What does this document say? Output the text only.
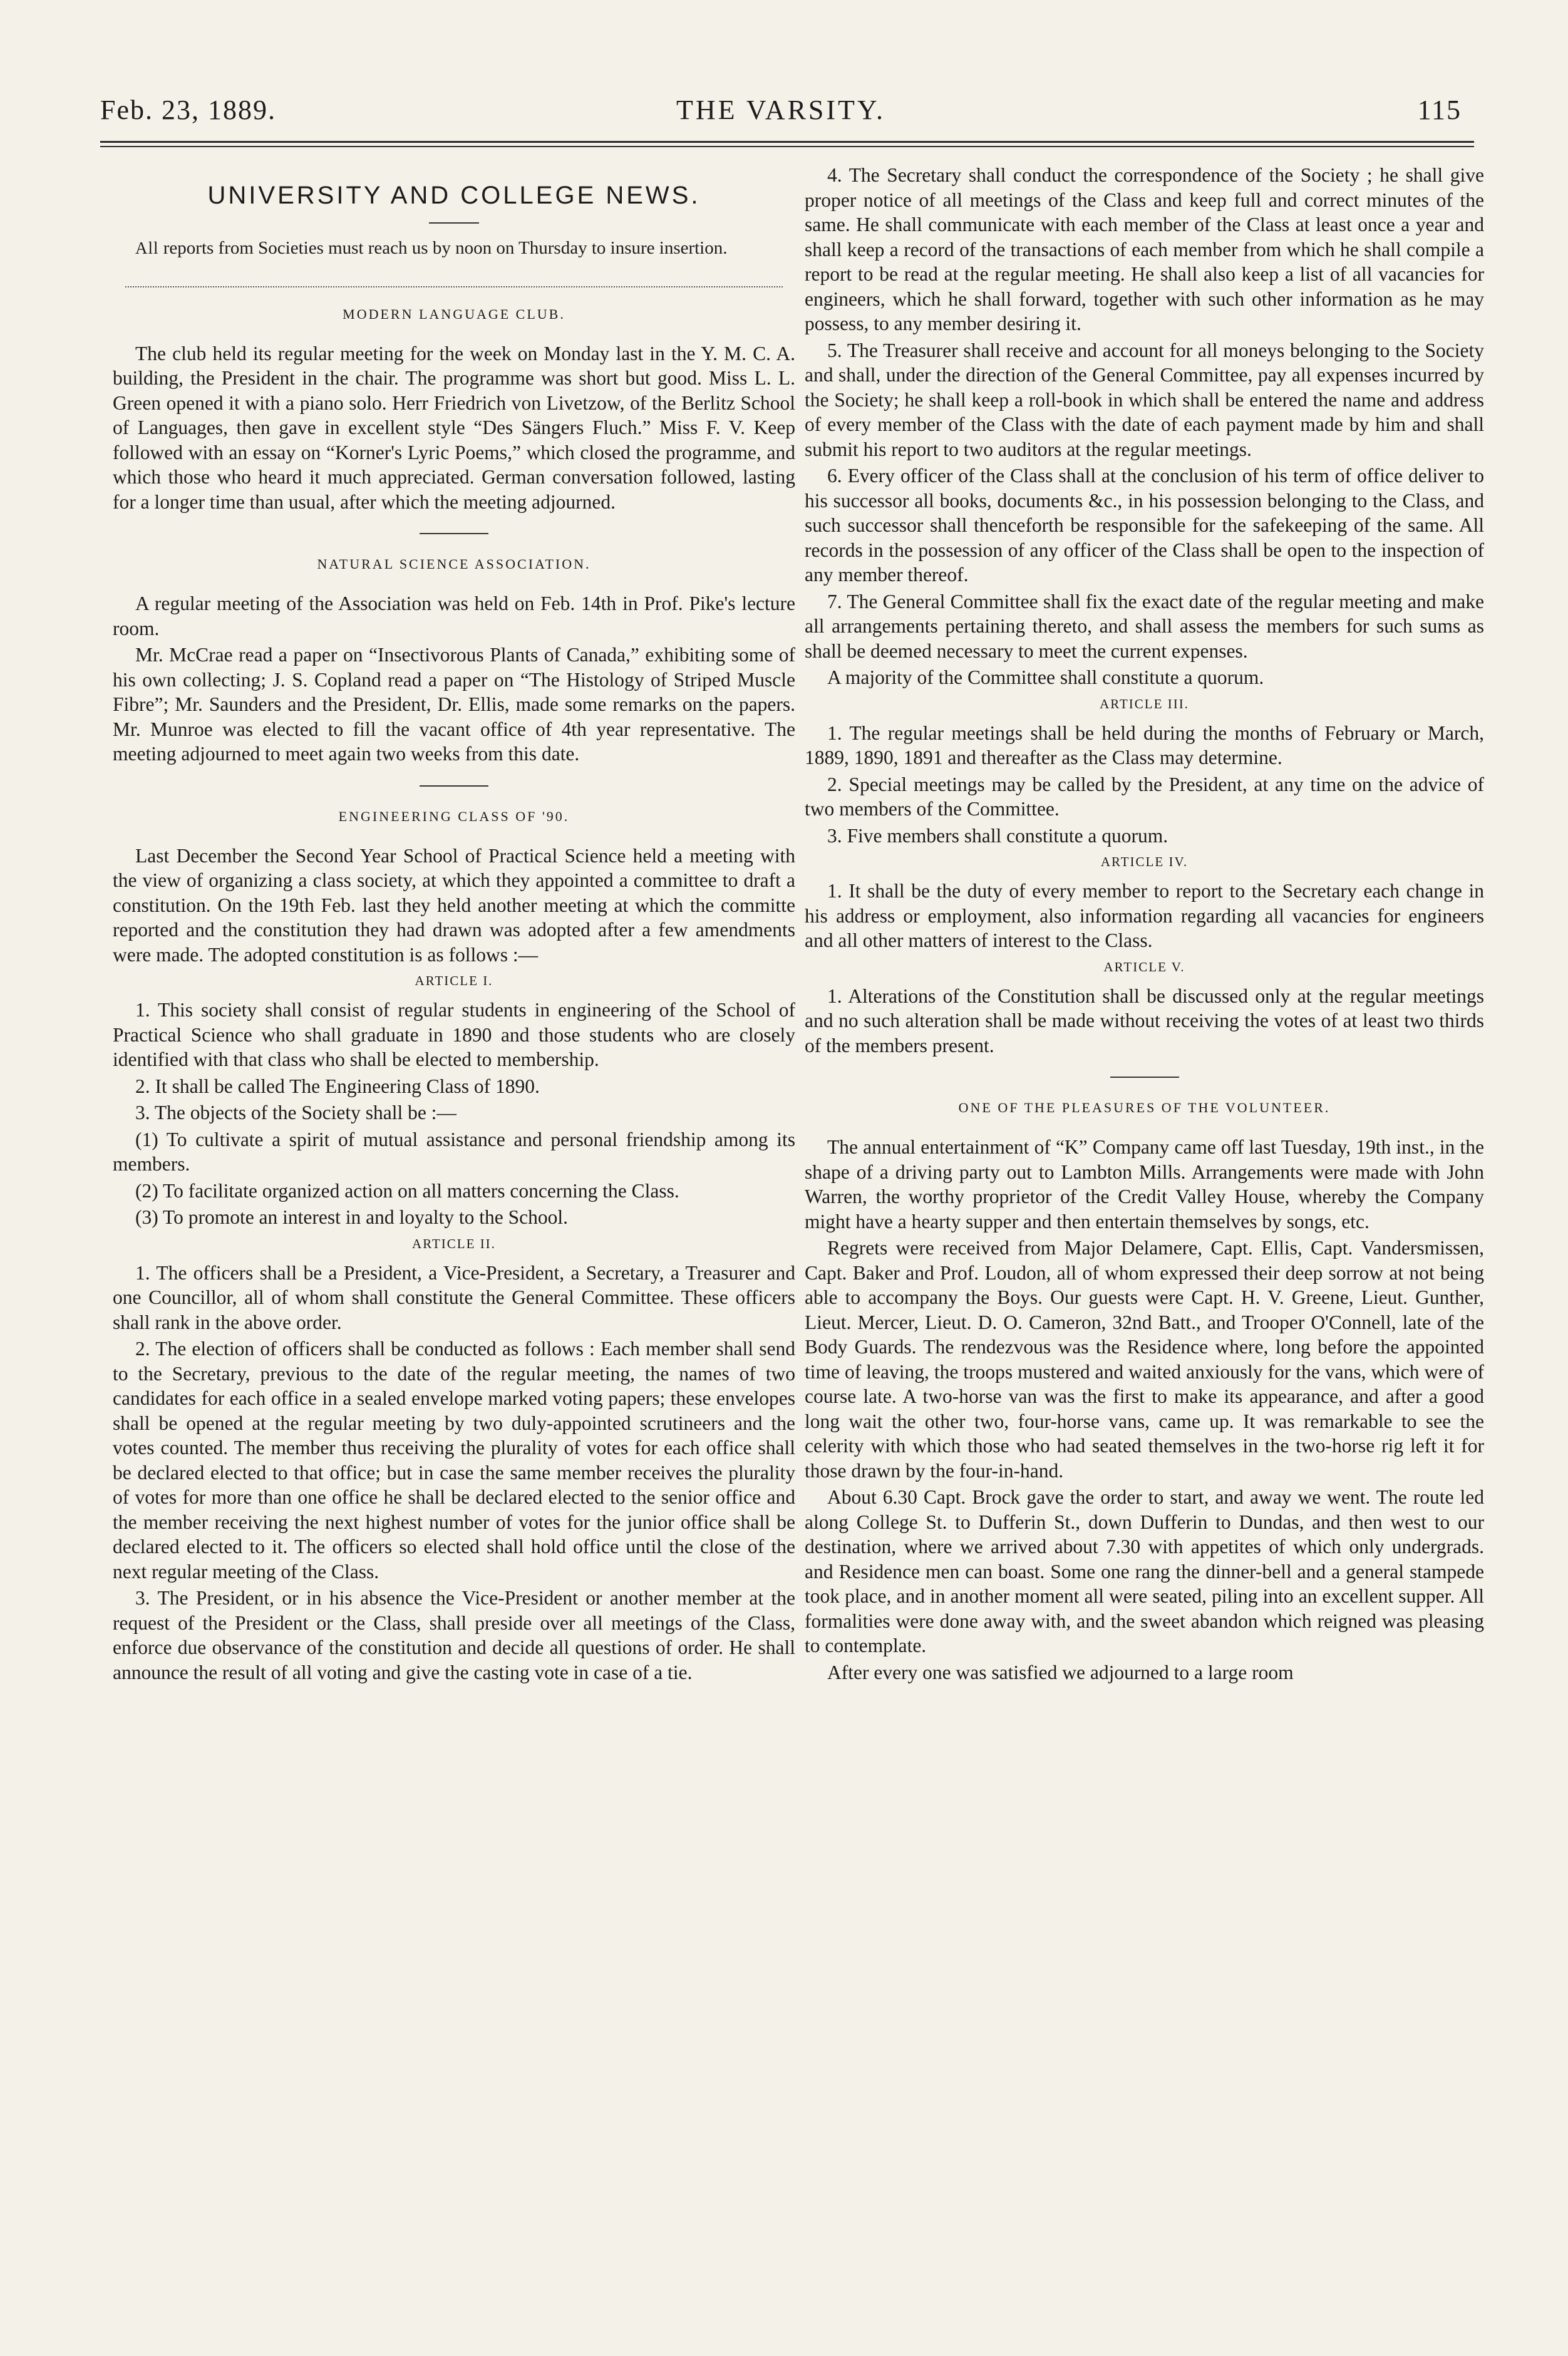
Feb. 23, 1889.	THE VARSITY.	115
UNIVERSITY AND COLLEGE NEWS.

All reports from Societies must reach us by noon on Thursday to insure insertion.

MODERN LANGUAGE CLUB.

The club held its regular meeting for the week on Monday last in the Y. M. C. A. building, the President in the chair. The programme was short but good. Miss L. L. Green opened it with a piano solo. Herr Friedrich von Livetzow, of the Berlitz School of Languages, then gave in excellent style “Des Sängers Fluch.” Miss F. V. Keep followed with an essay on “Korner's Lyric Poems,” which closed the programme, and which those who heard it much appreciated. German conversation followed, lasting for a longer time than usual, after which the meeting adjourned.

NATURAL SCIENCE ASSOCIATION.

A regular meeting of the Association was held on Feb. 14th in Prof. Pike's lecture room.

Mr. McCrae read a paper on “Insectivorous Plants of Canada,” exhibiting some of his own collecting; J. S. Copland read a paper on “The Histology of Striped Muscle Fibre”; Mr. Saunders and the President, Dr. Ellis, made some remarks on the papers. Mr. Munroe was elected to fill the vacant office of 4th year representative. The meeting adjourned to meet again two weeks from this date.

ENGINEERING CLASS OF '90.

Last December the Second Year School of Practical Science held a meeting with the view of organizing a class society, at which they appointed a committee to draft a constitution. On the 19th Feb. last they held another meeting at which the committe reported and the constitution they had drawn was adopted after a few amendments were made. The adopted constitution is as follows :—

ARTICLE I.

1. This society shall consist of regular students in engineering of the School of Practical Science who shall graduate in 1890 and those students who are closely identified with that class who shall be elected to membership.

2. It shall be called The Engineering Class of 1890.

3. The objects of the Society shall be :—

(1) To cultivate a spirit of mutual assistance and personal friendship among its members.

(2) To facilitate organized action on all matters concerning the Class.

(3) To promote an interest in and loyalty to the School.

ARTICLE II.

1. The officers shall be a President, a Vice-President, a Secretary, a Treasurer and one Councillor, all of whom shall constitute the General Committee. These officers shall rank in the above order.

2. The election of officers shall be conducted as follows : Each member shall send to the Secretary, previous to the date of the regular meeting, the names of two candidates for each office in a sealed envelope marked voting papers; these envelopes shall be opened at the regular meeting by two duly-appointed scrutineers and the votes counted. The member thus receiving the plurality of votes for each office shall be declared elected to that office; but in case the same member receives the plurality of votes for more than one office he shall be declared elected to the senior office and the member receiving the next highest number of votes for the junior office shall be declared elected to it. The officers so elected shall hold office until the close of the next regular meeting of the Class.

3. The President, or in his absence the Vice-President or another member at the request of the President or the Class, shall preside over all meetings of the Class, enforce due observance of the constitution and decide all questions of order. He shall announce the result of all voting and give the casting vote in case of a tie.

4. The Secretary shall conduct the correspondence of the Society ; he shall give proper notice of all meetings of the Class and keep full and correct minutes of the same. He shall communicate with each member of the Class at least once a year and shall keep a record of the transactions of each member from which he shall compile a report to be read at the regular meeting. He shall also keep a list of all vacancies for engineers, which he shall forward, together with such other information as he may possess, to any member desiring it.

5. The Treasurer shall receive and account for all moneys belonging to the Society and shall, under the direction of the General Committee, pay all expenses incurred by the Society; he shall keep a roll-book in which shall be entered the name and address of every member of the Class with the date of each payment made by him and shall submit his report to two auditors at the regular meetings.

6. Every officer of the Class shall at the conclusion of his term of office deliver to his successor all books, documents &c., in his possession belonging to the Class, and such successor shall thenceforth be responsible for the safekeeping of the same. All records in the possession of any officer of the Class shall be open to the inspection of any member thereof.

7. The General Committee shall fix the exact date of the regular meeting and make all arrangements pertaining thereto, and shall assess the members for such sums as shall be deemed necessary to meet the current expenses.

A majority of the Committee shall constitute a quorum.

ARTICLE III.

1. The regular meetings shall be held during the months of February or March, 1889, 1890, 1891 and thereafter as the Class may determine.

2. Special meetings may be called by the President, at any time on the advice of two members of the Committee.

3. Five members shall constitute a quorum.

ARTICLE IV.

1. It shall be the duty of every member to report to the Secretary each change in his address or employment, also information regarding all vacancies for engineers and all other matters of interest to the Class.

ARTICLE V.

1. Alterations of the Constitution shall be discussed only at the regular meetings and no such alteration shall be made without receiving the votes of at least two thirds of the members present.

ONE OF THE PLEASURES OF THE VOLUNTEER.

The annual entertainment of “K” Company came off last Tuesday, 19th inst., in the shape of a driving party out to Lambton Mills. Arrangements were made with John Warren, the worthy proprietor of the Credit Valley House, whereby the Company might have a hearty supper and then entertain themselves by songs, etc.

Regrets were received from Major Delamere, Capt. Ellis, Capt. Vandersmissen, Capt. Baker and Prof. Loudon, all of whom expressed their deep sorrow at not being able to accompany the Boys. Our guests were Capt. H. V. Greene, Lieut. Gunther, Lieut. Mercer, Lieut. D. O. Cameron, 32nd Batt., and Trooper O'Connell, late of the Body Guards. The rendezvous was the Residence where, long before the appointed time of leaving, the troops mustered and waited anxiously for the vans, which were of course late. A two-horse van was the first to make its appearance, and after a good long wait the other two, four-horse vans, came up. It was remarkable to see the celerity with which those who had seated themselves in the two-horse rig left it for those drawn by the four-in-hand.

About 6.30 Capt. Brock gave the order to start, and away we went. The route led along College St. to Dufferin St., down Dufferin to Dundas, and then west to our destination, where we arrived about 7.30 with appetites of which only undergrads. and Residence men can boast. Some one rang the dinner-bell and a general stampede took place, and in another moment all were seated, piling into an excellent supper. All formalities were done away with, and the sweet abandon which reigned was pleasing to contemplate.

After every one was satisfied we adjourned to a large room
